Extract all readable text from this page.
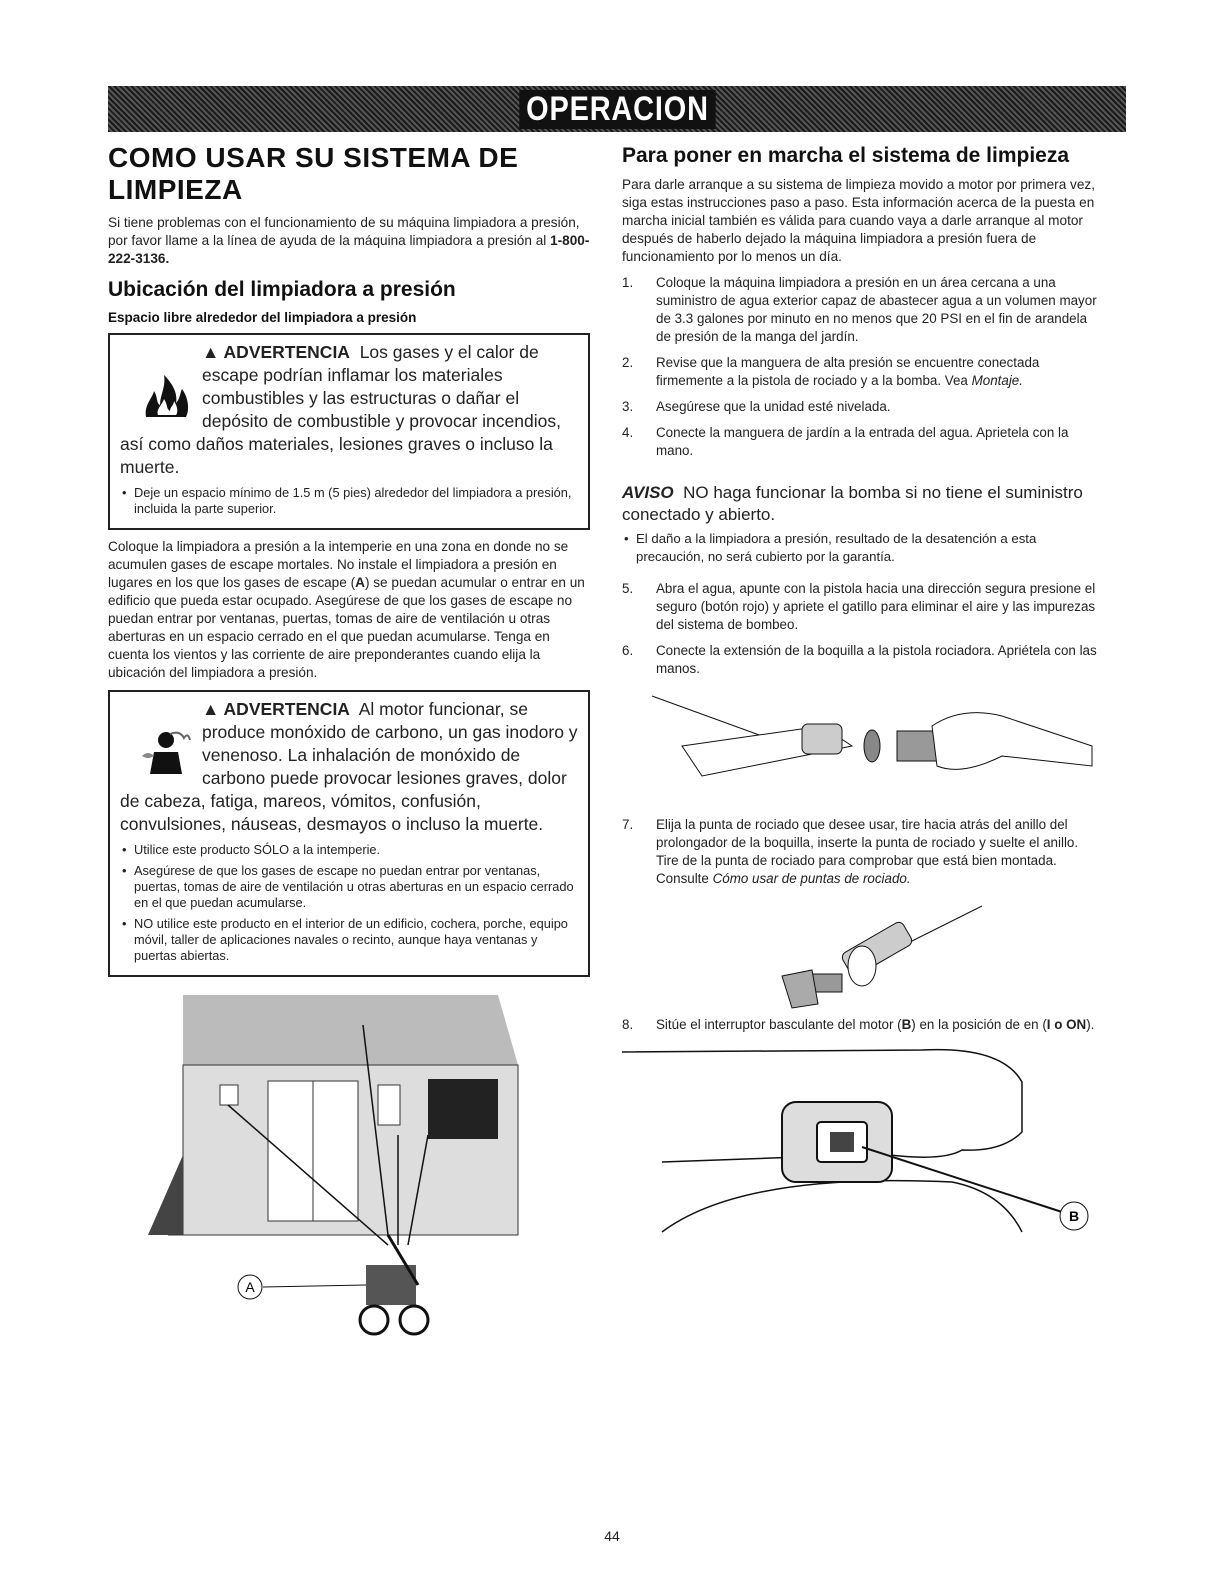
OPERACION
COMO USAR SU SISTEMA DE LIMPIEZA

Si tiene problemas con el funcionamiento de su máquina limpiadora a presión, por favor llame a la línea de ayuda de la máquina limpiadora a presión al 1-800-222-3136.

Ubicación del limpiadora a presión
Espacio libre alrededor del limpiadora a presión
▲ ADVERTENCIA Los gases y el calor de escape podrían inflamar los materiales combustibles y las estructuras o dañar el depósito de combustible y provocar incendios, así como daños materiales, lesiones graves o incluso la muerte.
• Deje un espacio mínimo de 1.5 m (5 pies) alrededor del limpiadora a presión, incluida la parte superior.

Coloque la limpiadora a presión a la intemperie en una zona en donde no se acumulen gases de escape mortales. No instale el limpiadora a presión en lugares en los que los gases de escape (A) se puedan acumular o entrar en un edificio que pueda estar ocupado. Asegúrese de que los gases de escape no puedan entrar por ventanas, puertas, tomas de aire de ventilación u otras aberturas en un espacio cerrado en el que puedan acumularse. Tenga en cuenta los vientos y las corriente de aire preponderantes cuando elija la ubicación del limpiadora a presión.

▲ ADVERTENCIA Al motor funcionar, se produce monóxido de carbono, un gas inodoro y venenoso. La inhalación de monóxido de carbono puede provocar lesiones graves, dolor de cabeza, fatiga, mareos, vómitos, confusión, convulsiones, náuseas, desmayos o incluso la muerte.
• Utilice este producto SÓLO a la intemperie.
• Asegúrese de que los gases de escape no puedan entrar por ventanas, puertas, tomas de aire de ventilación u otras aberturas en un espacio cerrado en el que puedan acumularse.
• NO utilice este producto en el interior de un edificio, cochera, porche, equipo móvil, taller de aplicaciones navales o recinto, aunque haya ventanas y puertas abiertas.
A
Para poner en marcha el sistema de limpieza

Para darle arranque a su sistema de limpieza movido a motor por primera vez, siga estas instrucciones paso a paso. Esta información acerca de la puesta en marcha inicial también es válida para cuando vaya a darle arranque al motor después de haberlo dejado la máquina limpiadora a presión fuera de funcionamiento por lo menos un día.

1. Coloque la máquina limpiadora a presión en un área cercana a una suministro de agua exterior capaz de abastecer agua a un volumen mayor de 3.3 galones por minuto en no menos que 20 PSI en el fin de arandela de presión de la manga del jardín.
2. Revise que la manguera de alta presión se encuentre conectada firmemente a la pistola de rociado y a la bomba. Vea Montaje.
3. Asegúrese que la unidad esté nivelada.
4. Conecte la manguera de jardín a la entrada del agua. Aprietela con la mano.
AVISO NO haga funcionar la bomba si no tiene el suministro conectado y abierto.
• El daño a la limpiadora a presión, resultado de la desatención a esta precaución, no será cubierto por la garantía.
5. Abra el agua, apunte con la pistola hacia una dirección segura presione el seguro (botón rojo) y apriete el gatillo para eliminar el aire y las impurezas del sistema de bombeo.
6. Conecte la extensión de la boquilla a la pistola rociadora. Apriétela con las manos.
7. Elija la punta de rociado que desee usar, tire hacia atrás del anillo del prolongador de la boquilla, inserte la punta de rociado y suelte el anillo. Tire de la punta de rociado para comprobar que está bien montada. Consulte Cómo usar de puntas de rociado.
8. Sitúe el interruptor basculante del motor (B) en la posición de en (I o ON).
B
44
